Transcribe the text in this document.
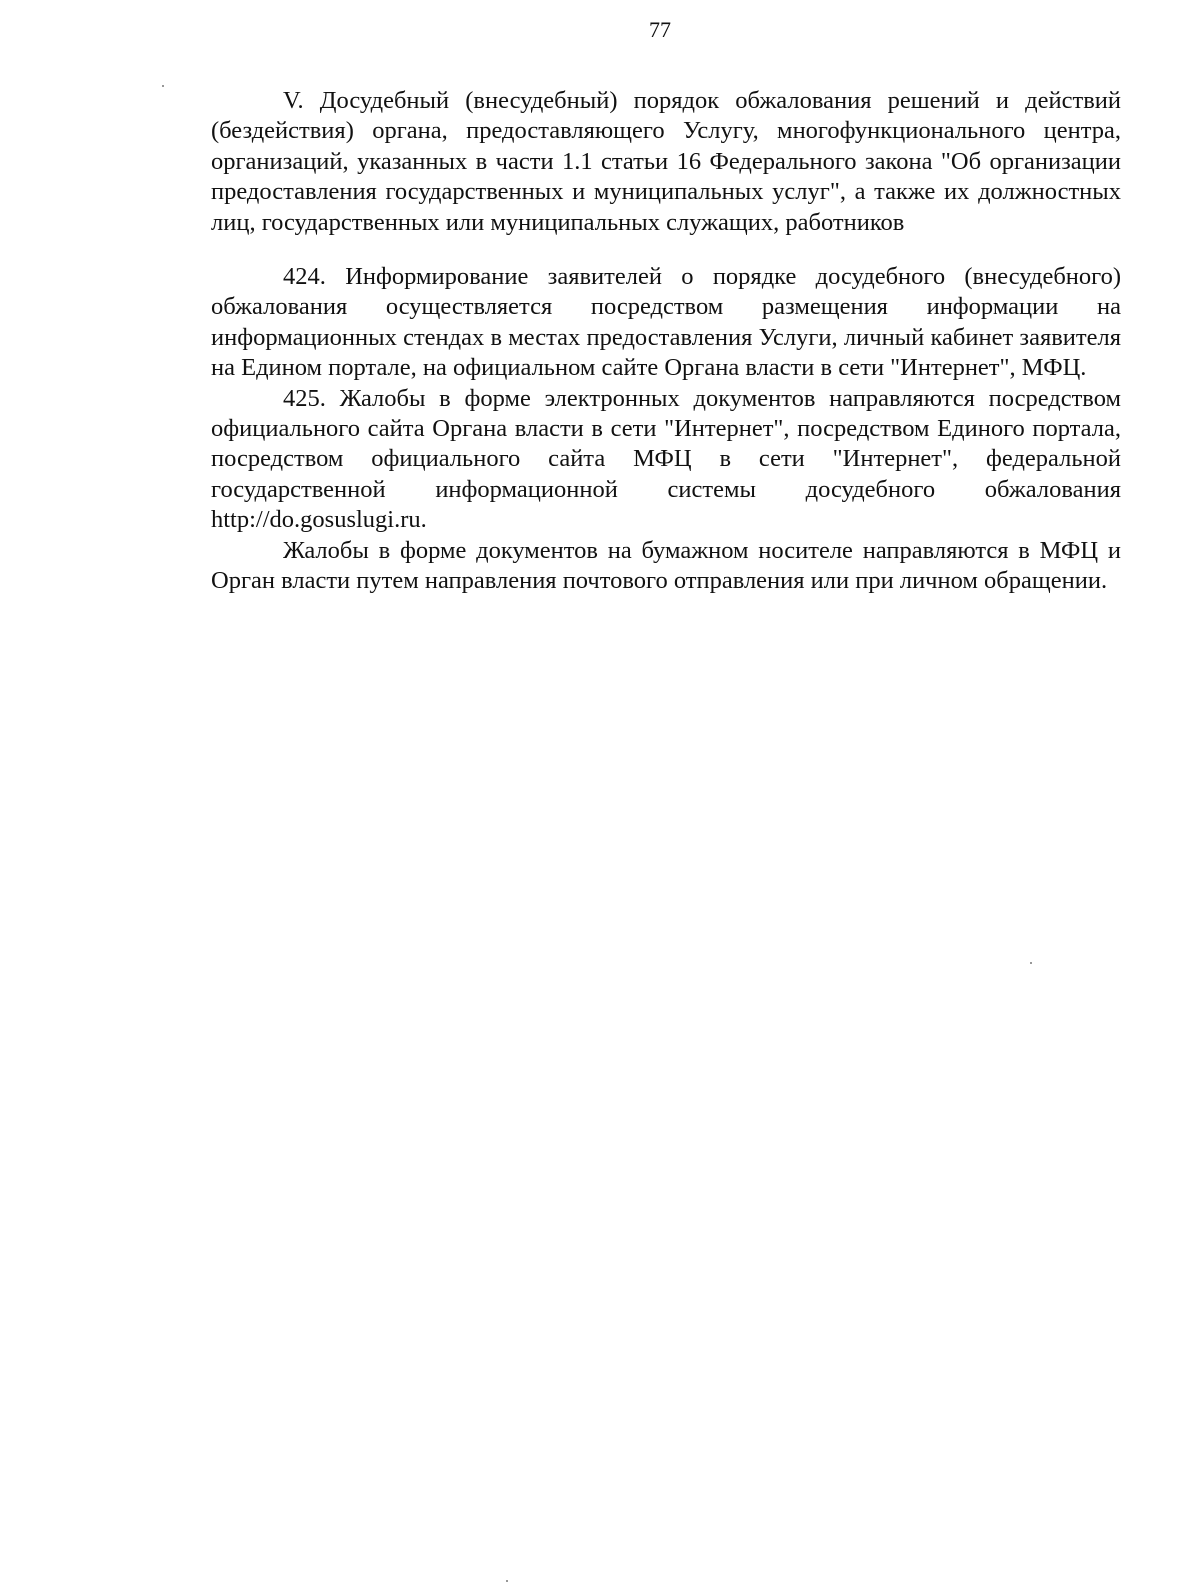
77
V. Досудебный (внесудебный) порядок обжалования решений и действий (бездействия) органа, предоставляющего Услугу, многофункционального центра, организаций, указанных в части 1.1 статьи 16 Федерального закона "Об организации предоставления государственных и муниципальных услуг", а также их должностных лиц, государственных или муниципальных служащих, работников

424. Информирование заявителей о порядке досудебного (внесудебного) обжалования осуществляется посредством размещения информации на информационных стендах в местах предоставления Услуги, личный кабинет заявителя на Едином портале, на официальном сайте Органа власти в сети "Интернет", МФЦ.

425. Жалобы в форме электронных документов направляются посредством официального сайта Органа власти в сети "Интернет", посредством Единого портала, посредством официального сайта МФЦ в сети "Интернет", федеральной государственной информационной системы досудебного обжалования http://do.gosuslugi.ru.

Жалобы в форме документов на бумажном носителе направляются в МФЦ и Орган власти путем направления почтового отправления или при личном обращении.
